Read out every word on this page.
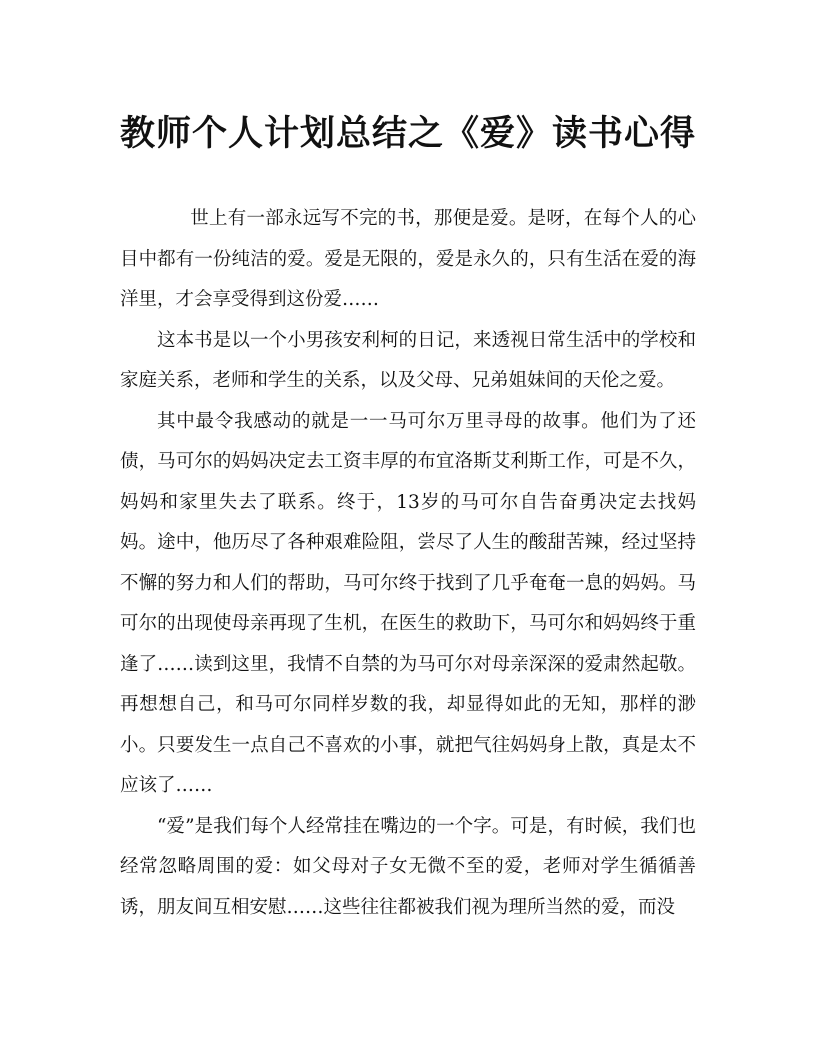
教师个人计划总结之《爱》读书心得

世上有一部永远写不完的书，那便是爱。是呀，在每个人的心目中都有一份纯洁的爱。爱是无限的，爱是永久的，只有生活在爱的海洋里，才会享受得到这份爱……

这本书是以一个小男孩安利柯的日记，来透视日常生活中的学校和家庭关系，老师和学生的关系，以及父母、兄弟姐妹间的天伦之爱。

其中最令我感动的就是一一马可尔万里寻母的故事。他们为了还债，马可尔的妈妈决定去工资丰厚的布宜洛斯艾利斯工作，可是不久，妈妈和家里失去了联系。终于，13岁的马可尔自告奋勇决定去找妈妈。途中，他历尽了各种艰难险阻，尝尽了人生的酸甜苦辣，经过坚持不懈的努力和人们的帮助，马可尔终于找到了几乎奄奄一息的妈妈。马可尔的出现使母亲再现了生机，在医生的救助下，马可尔和妈妈终于重逢了……读到这里，我情不自禁的为马可尔对母亲深深的爱肃然起敬。再想想自己，和马可尔同样岁数的我，却显得如此的无知，那样的渺小。只要发生一点自己不喜欢的小事，就把气往妈妈身上散，真是太不应该了……

“爱”是我们每个人经常挂在嘴边的一个字。可是，有时候，我们也经常忽略周围的爱：如父母对子女无微不至的爱，老师对学生循循善诱，朋友间互相安慰……这些往往都被我们视为理所当然的爱，而没
